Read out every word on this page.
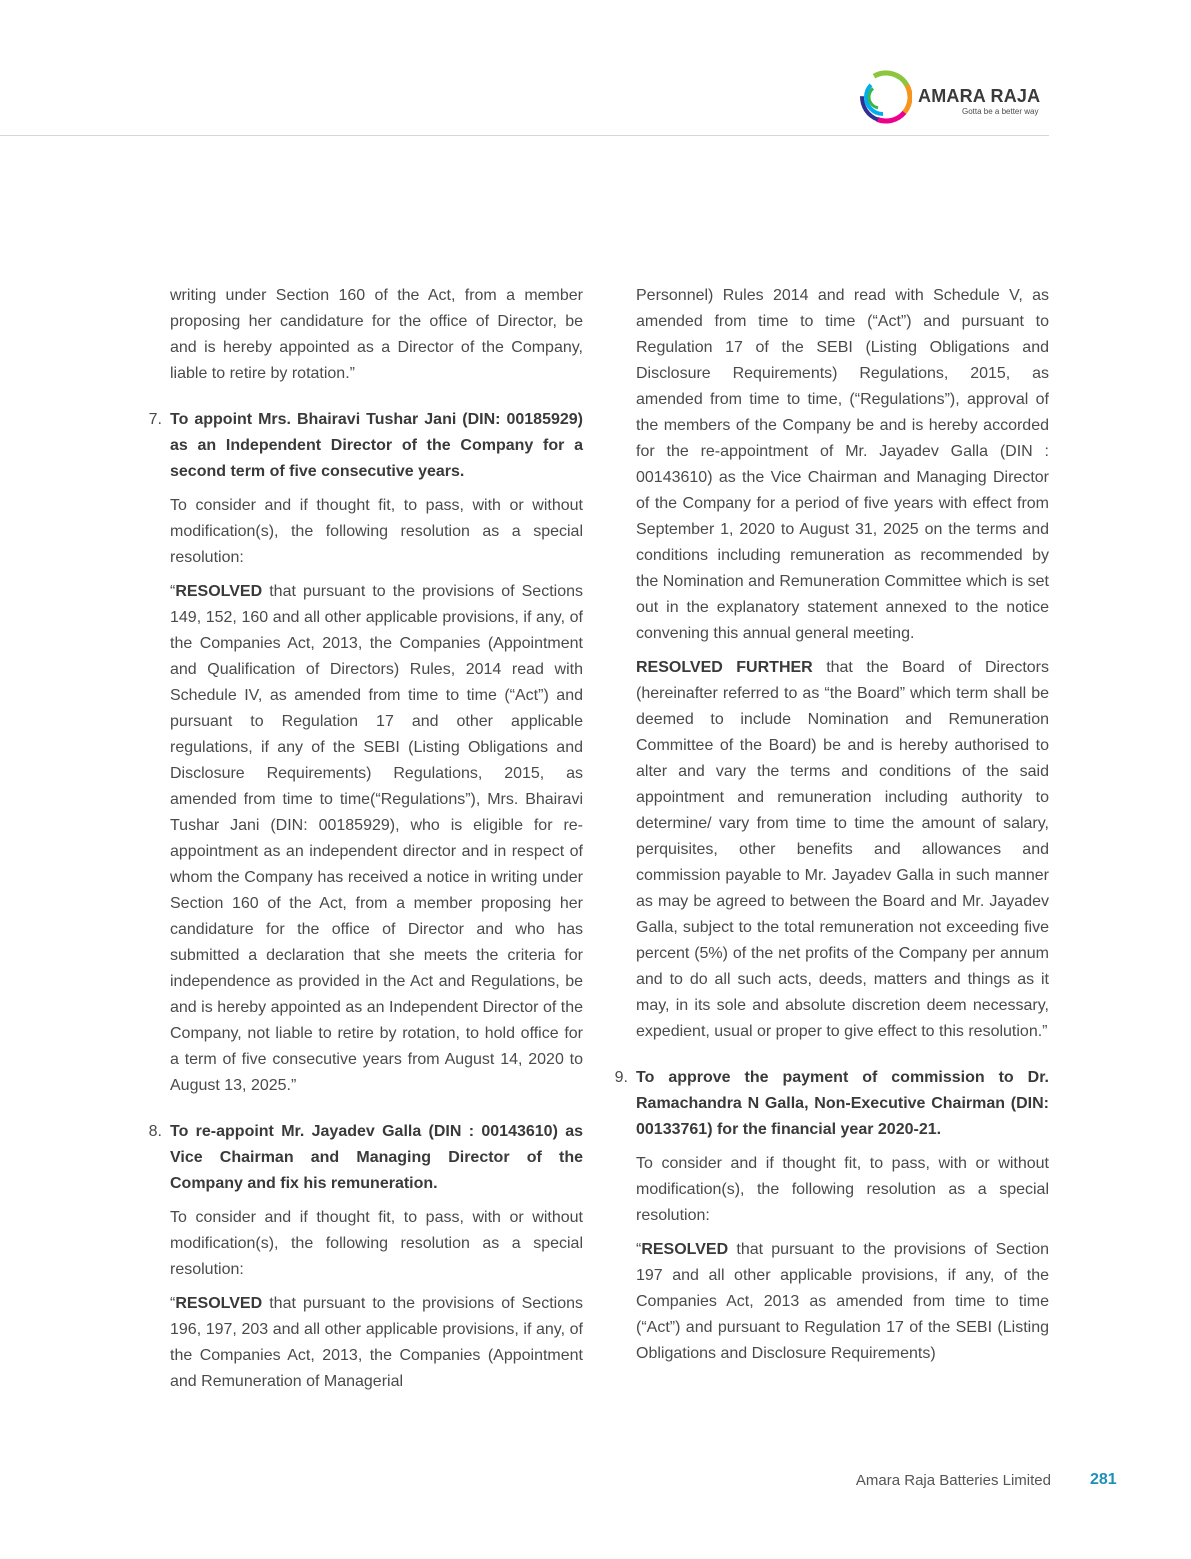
AMARA RAJA
Gotta be a better way

writing under Section 160 of the Act, from a member proposing her candidature for the office of Director, be and is hereby appointed as a Director of the Company, liable to retire by rotation.”

7. To appoint Mrs. Bhairavi Tushar Jani (DIN: 00185929) as an Independent Director of the Company for a second term of five consecutive years.

To consider and if thought fit, to pass, with or without modification(s), the following resolution as a special resolution:

“RESOLVED that pursuant to the provisions of Sections 149, 152, 160 and all other applicable provisions, if any, of the Companies Act, 2013, the Companies (Appointment and Qualification of Directors) Rules, 2014 read with Schedule IV, as amended from time to time (“Act”) and pursuant to Regulation 17 and other applicable regulations, if any of the SEBI (Listing Obligations and Disclosure Requirements) Regulations, 2015, as amended from time to time(“Regulations”), Mrs. Bhairavi Tushar Jani (DIN: 00185929), who is eligible for re-appointment as an independent director and in respect of whom the Company has received a notice in writing under Section 160 of the Act, from a member proposing her candidature for the office of Director and who has submitted a declaration that she meets the criteria for independence as provided in the Act and Regulations, be and is hereby appointed as an Independent Director of the Company, not liable to retire by rotation, to hold office for a term of five consecutive years from August 14, 2020 to August 13, 2025.”

8. To re-appoint Mr. Jayadev Galla (DIN : 00143610) as Vice Chairman and Managing Director of the Company and fix his remuneration.

To consider and if thought fit, to pass, with or without modification(s), the following resolution as a special resolution:

“RESOLVED that pursuant to the provisions of Sections 196, 197, 203 and all other applicable provisions, if any, of the Companies Act, 2013, the Companies (Appointment and Remuneration of Managerial

Personnel) Rules 2014 and read with Schedule V, as amended from time to time (“Act”) and pursuant to Regulation 17 of the SEBI (Listing Obligations and Disclosure Requirements) Regulations, 2015, as amended from time to time, (“Regulations”), approval of the members of the Company be and is hereby accorded for the re-appointment of Mr. Jayadev Galla (DIN : 00143610) as the Vice Chairman and Managing Director of the Company for a period of five years with effect from September 1, 2020 to August 31, 2025 on the terms and conditions including remuneration as recommended by the Nomination and Remuneration Committee which is set out in the explanatory statement annexed to the notice convening this annual general meeting.

RESOLVED FURTHER that the Board of Directors (hereinafter referred to as “the Board” which term shall be deemed to include Nomination and Remuneration Committee of the Board) be and is hereby authorised to alter and vary the terms and conditions of the said appointment and remuneration including authority to determine/ vary from time to time the amount of salary, perquisites, other benefits and allowances and commission payable to Mr. Jayadev Galla in such manner as may be agreed to between the Board and Mr. Jayadev Galla, subject to the total remuneration not exceeding five percent (5%) of the net profits of the Company per annum and to do all such acts, deeds, matters and things as it may, in its sole and absolute discretion deem necessary, expedient, usual or proper to give effect to this resolution.”

9. To approve the payment of commission to Dr. Ramachandra N Galla, Non-Executive Chairman (DIN: 00133761) for the financial year 2020-21.

To consider and if thought fit, to pass, with or without modification(s), the following resolution as a special resolution:

“RESOLVED that pursuant to the provisions of Section 197 and all other applicable provisions, if any, of the Companies Act, 2013 as amended from time to time (“Act”) and pursuant to Regulation 17 of the SEBI (Listing Obligations and Disclosure Requirements)

Amara Raja Batteries Limited 281
